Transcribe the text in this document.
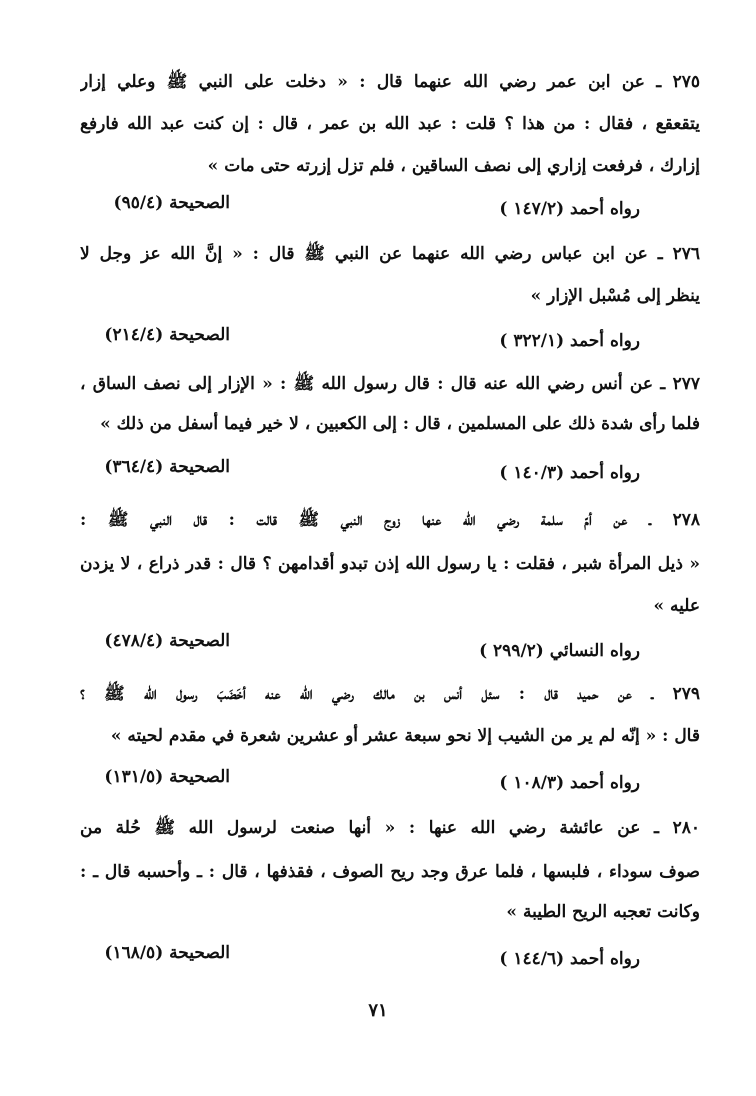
٢٧٥ ـ عن ابن عمر رضي الله عنهما قال : « دخلت على النبي ﷺ وعلي إزار
يتقعقع ، فقال : من هذا ؟ قلت : عبد الله بن عمر ، قال : إن كنت عبد الله فارفع
إزارك ، فرفعت إزاري إلى نصف الساقين ، فلم تزل إزرته حتى مات »
رواه أحمد (١٤٧/٢ )
الصحيحة (٩٥/٤)
٢٧٦ ـ عن ابن عباس رضي الله عنهما عن النبي ﷺ قال : « إنَّ الله عز وجل لا
ينظر إلى مُسْبل الإزار »
رواه أحمد (٣٢٢/١ )
الصحيحة (٢١٤/٤)
٢٧٧ ـ عن أنس رضي الله عنه قال : قال رسول الله ﷺ : « الإزار إلى نصف الساق ،
فلما رأى شدة ذلك على المسلمين ، قال : إلى الكعبين ، لا خير فيما أسفل من ذلك »
رواه أحمد (١٤٠/٣ )
الصحيحة (٣٦٤/٤)
٢٧٨ ـ عن أمّ سلمة رضي الله عنها زوج النبي ﷺ قالت : قال النبي ﷺ :
« ذيل المرأة شبر ، فقلت : يا رسول الله إذن تبدو أقدامهن ؟ قال : قدر ذراع ، لا يزدن
عليه »
رواه النسائي (٢٩٩/٢ )
الصحيحة (٤٧٨/٤)
٢٧٩ ـ عن حميد قال : سئل أنس بن مالك رضي الله عنه أخَضَبَ رسول الله ﷺ ؟
قال : « إنّه لم ير من الشيب إلا نحو سبعة عشر أو عشرين شعرة في مقدم لحيته »
رواه أحمد (١٠٨/٣ )
الصحيحة (١٣١/٥)
٢٨٠ ـ عن عائشة رضي الله عنها : « أنها صنعت لرسول الله ﷺ حُلة من
صوف سوداء ، فلبسها ، فلما عرق وجد ريح الصوف ، فقذفها ، قال : ـ وأحسبه قال ـ :
وكانت تعجبه الريح الطيبة »
رواه أحمد (١٤٤/٦ )
الصحيحة (١٦٨/٥)
٧١
